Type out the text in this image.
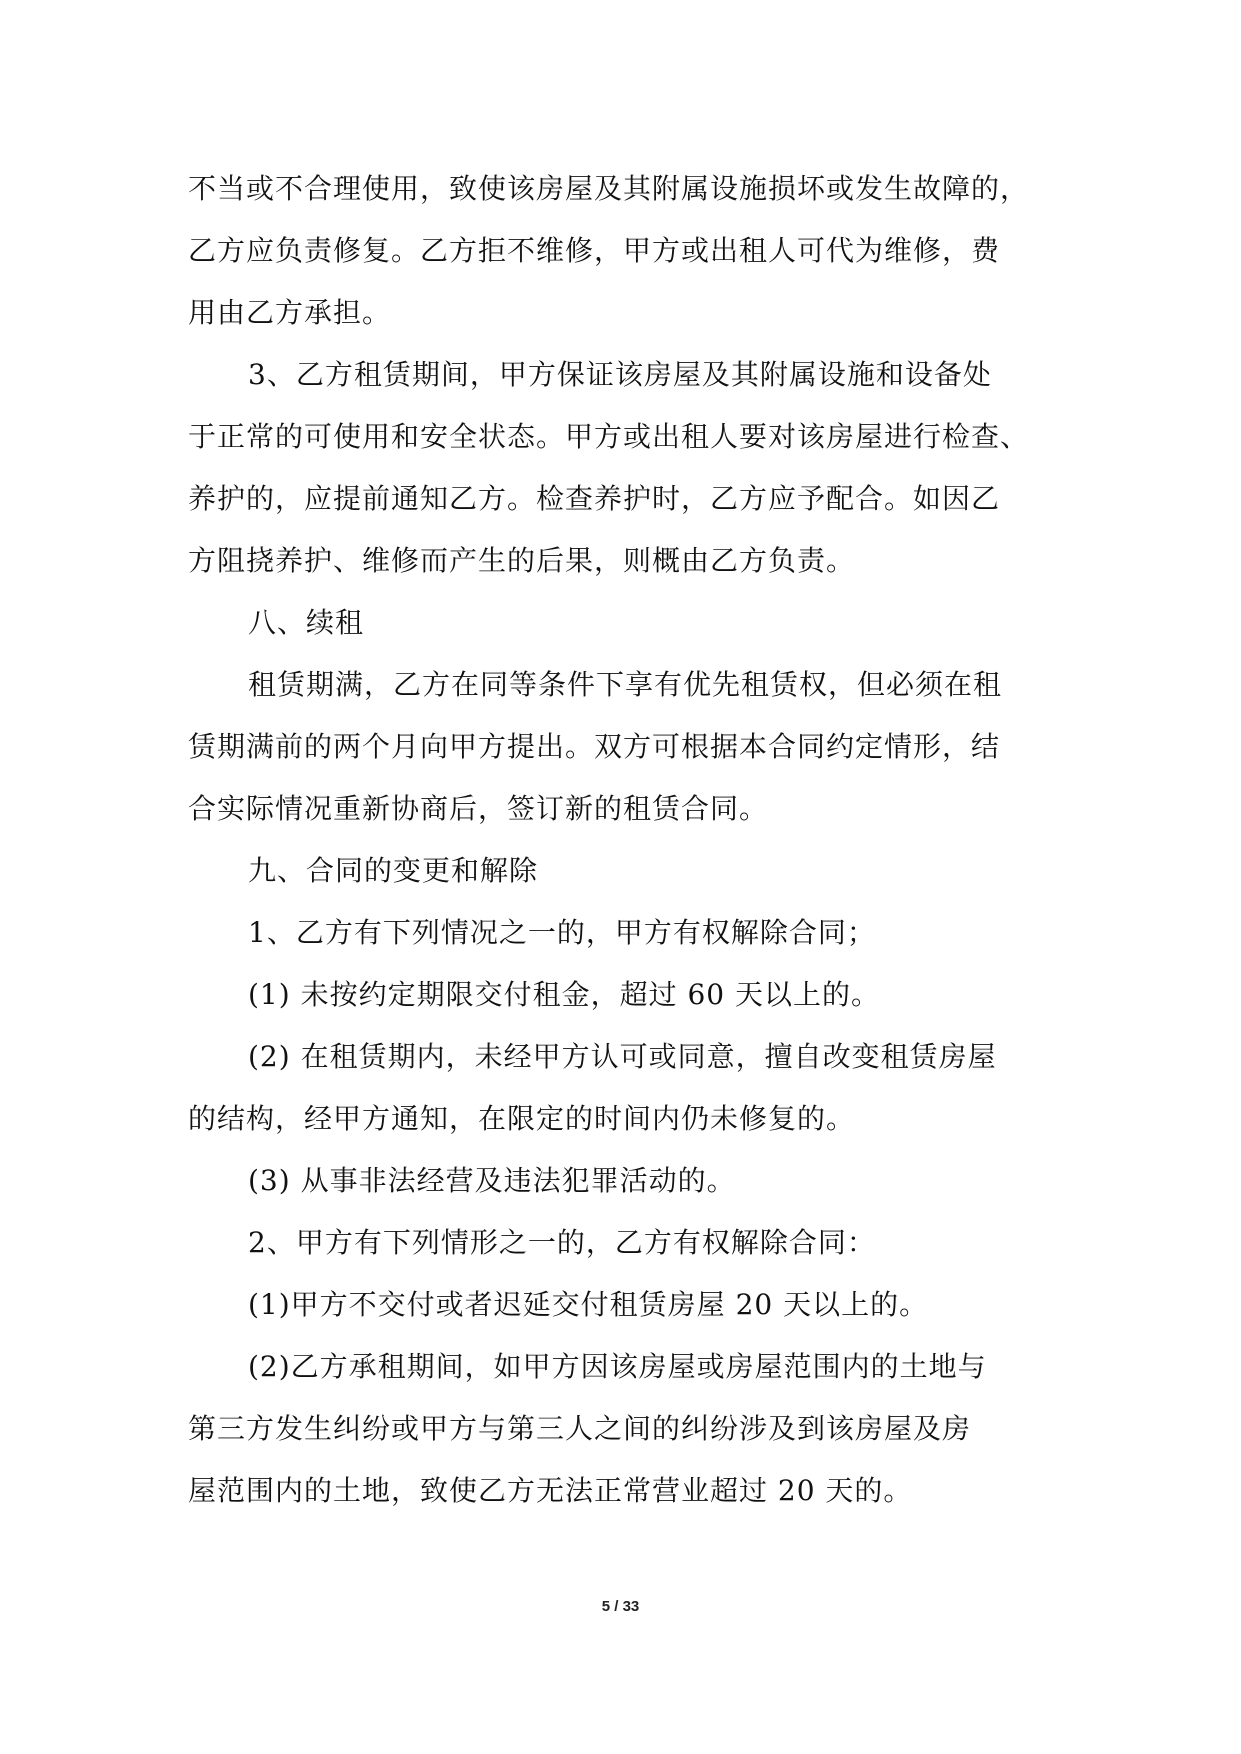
不当或不合理使用，致使该房屋及其附属设施损坏或发生故障的，
乙方应负责修复。乙方拒不维修，甲方或出租人可代为维修，费
用由乙方承担。
3、乙方租赁期间，甲方保证该房屋及其附属设施和设备处
于正常的可使用和安全状态。甲方或出租人要对该房屋进行检查、
养护的，应提前通知乙方。检查养护时，乙方应予配合。如因乙
方阻挠养护、维修而产生的后果，则概由乙方负责。
八、续租
租赁期满，乙方在同等条件下享有优先租赁权，但必须在租
赁期满前的两个月向甲方提出。双方可根据本合同约定情形，结
合实际情况重新协商后，签订新的租赁合同。
九、合同的变更和解除
1、乙方有下列情况之一的，甲方有权解除合同；
(1) 未按约定期限交付租金，超过 60 天以上的。
(2) 在租赁期内，未经甲方认可或同意，擅自改变租赁房屋
的结构，经甲方通知，在限定的时间内仍未修复的。
(3) 从事非法经营及违法犯罪活动的。
2、甲方有下列情形之一的，乙方有权解除合同：
(1)甲方不交付或者迟延交付租赁房屋 20 天以上的。
(2)乙方承租期间，如甲方因该房屋或房屋范围内的土地与
第三方发生纠纷或甲方与第三人之间的纠纷涉及到该房屋及房
屋范围内的土地，致使乙方无法正常营业超过 20 天的。
5 / 33
